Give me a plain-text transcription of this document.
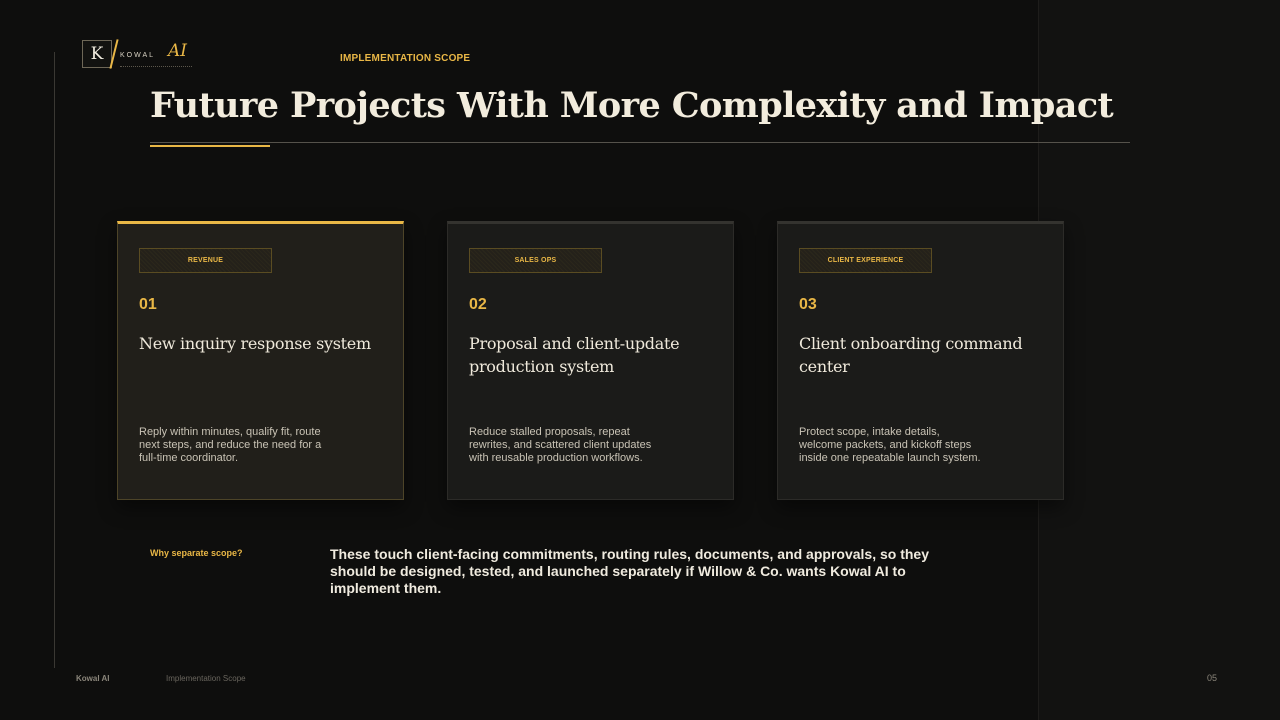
K	KOWAL AI	IMPLEMENTATION SCOPE
Future Projects With More Complexity and Impact
REVENUE
01
New inquiry response system

Reply within minutes, qualify fit, route next steps, and reduce the need for a full-time coordinator.

SALES OPS
02
Proposal and client-update production system

Reduce stalled proposals, repeat rewrites, and scattered client updates with reusable production workflows.

CLIENT EXPERIENCE
03
Client onboarding command center

Protect scope, intake details, welcome packets, and kickoff steps inside one repeatable launch system.

Why separate scope?	These touch client-facing commitments, routing rules, documents, and approvals, so they should be designed, tested, and launched separately if Willow & Co. wants Kowal AI to implement them.

Kowal AI	Implementation Scope	05
